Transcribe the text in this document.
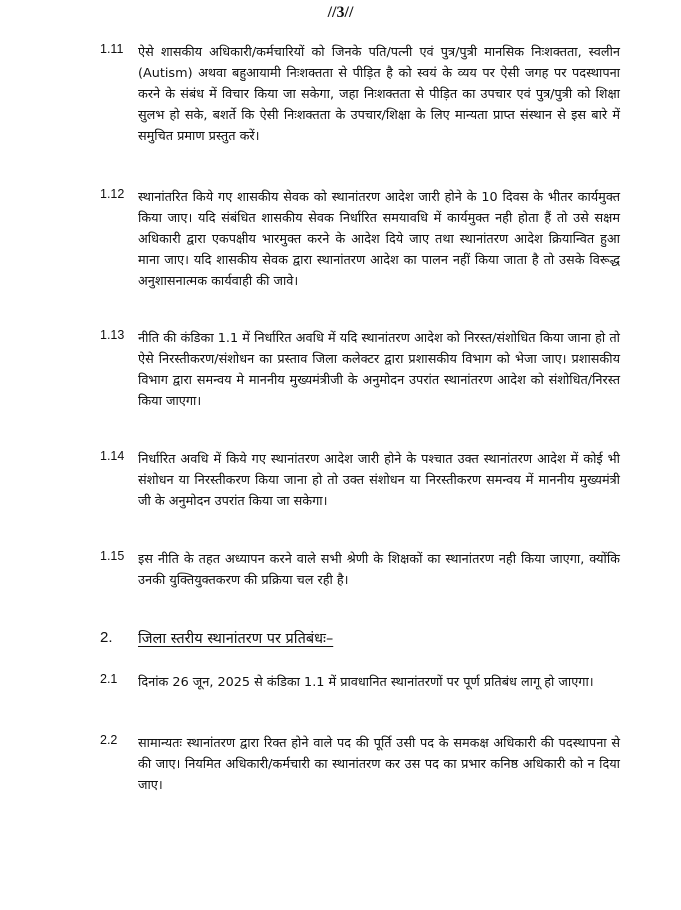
//3//
1.11	ऐसे शासकीय अधिकारी/कर्मचारियों को जिनके पति/पत्नी एवं पुत्र/पुत्री मानसिक निःशक्तता, स्वलीन (Autism) अथवा बहुआयामी निःशक्तता से पीड़ित है को स्वयं के व्यय पर ऐसी जगह पर पदस्थापना करने के संबंध में विचार किया जा सकेगा, जहा निःशक्तता से पीड़ित का उपचार एवं पुत्र/पुत्री को शिक्षा सुलभ हो सके, बशर्ते कि ऐसी निःशक्तता के उपचार/शिक्षा के लिए मान्यता प्राप्त संस्थान से इस बारे में समुचित प्रमाण प्रस्तुत करें।
1.12	स्थानांतरित किये गए शासकीय सेवक को स्थानांतरण आदेश जारी होने के 10 दिवस के भीतर कार्यमुक्त किया जाए। यदि संबंधित शासकीय सेवक निर्धारित समयावधि में कार्यमुक्त नही होता हैं तो उसे सक्षम अधिकारी द्वारा एकपक्षीय भारमुक्त करने के आदेश दिये जाए तथा स्थानांतरण आदेश क्रियान्वित हुआ माना जाए। यदि शासकीय सेवक द्वारा स्थानांतरण आदेश का पालन नहीं किया जाता है तो उसके विरूद्ध अनुशासनात्मक कार्यवाही की जावे।
1.13	नीति की कंडिका 1.1 में निर्धारित अवधि में यदि स्थानांतरण आदेश को निरस्त/संशोधित किया जाना हो तो ऐसे निरस्तीकरण/संशोधन का प्रस्ताव जिला कलेक्टर द्वारा प्रशासकीय विभाग को भेजा जाए। प्रशासकीय विभाग द्वारा समन्वय मे माननीय मुख्यमंत्रीजी के अनुमोदन उपरांत स्थानांतरण आदेश को संशोधित/निरस्त किया जाएगा।
1.14	निर्धारित अवधि में किये गए स्थानांतरण आदेश जारी होने के पश्चात उक्त स्थानांतरण आदेश में कोई भी संशोधन या निरस्तीकरण किया जाना हो तो उक्त संशोधन या निरस्तीकरण समन्वय में माननीय मुख्यमंत्री जी के अनुमोदन उपरांत किया जा सकेगा।
1.15	इस नीति के तहत अध्यापन करने वाले सभी श्रेणी के शिक्षकों का स्थानांतरण नही किया जाएगा, क्योंकि उनकी युक्तियुक्तकरण की प्रक्रिया चल रही है।
2.	जिला स्तरीय स्थानांतरण पर प्रतिबंधः–
2.1	दिनांक 26 जून, 2025 से कंडिका 1.1 में प्रावधानित स्थानांतरणों पर पूर्ण प्रतिबंध लागू हो जाएगा।
2.2	सामान्यतः स्थानांतरण द्वारा रिक्त होने वाले पद की पूर्ति उसी पद के समकक्ष अधिकारी की पदस्थापना से की जाए। नियमित अधिकारी/कर्मचारी का स्थानांतरण कर उस पद का प्रभार कनिष्ठ अधिकारी को न दिया जाए।
